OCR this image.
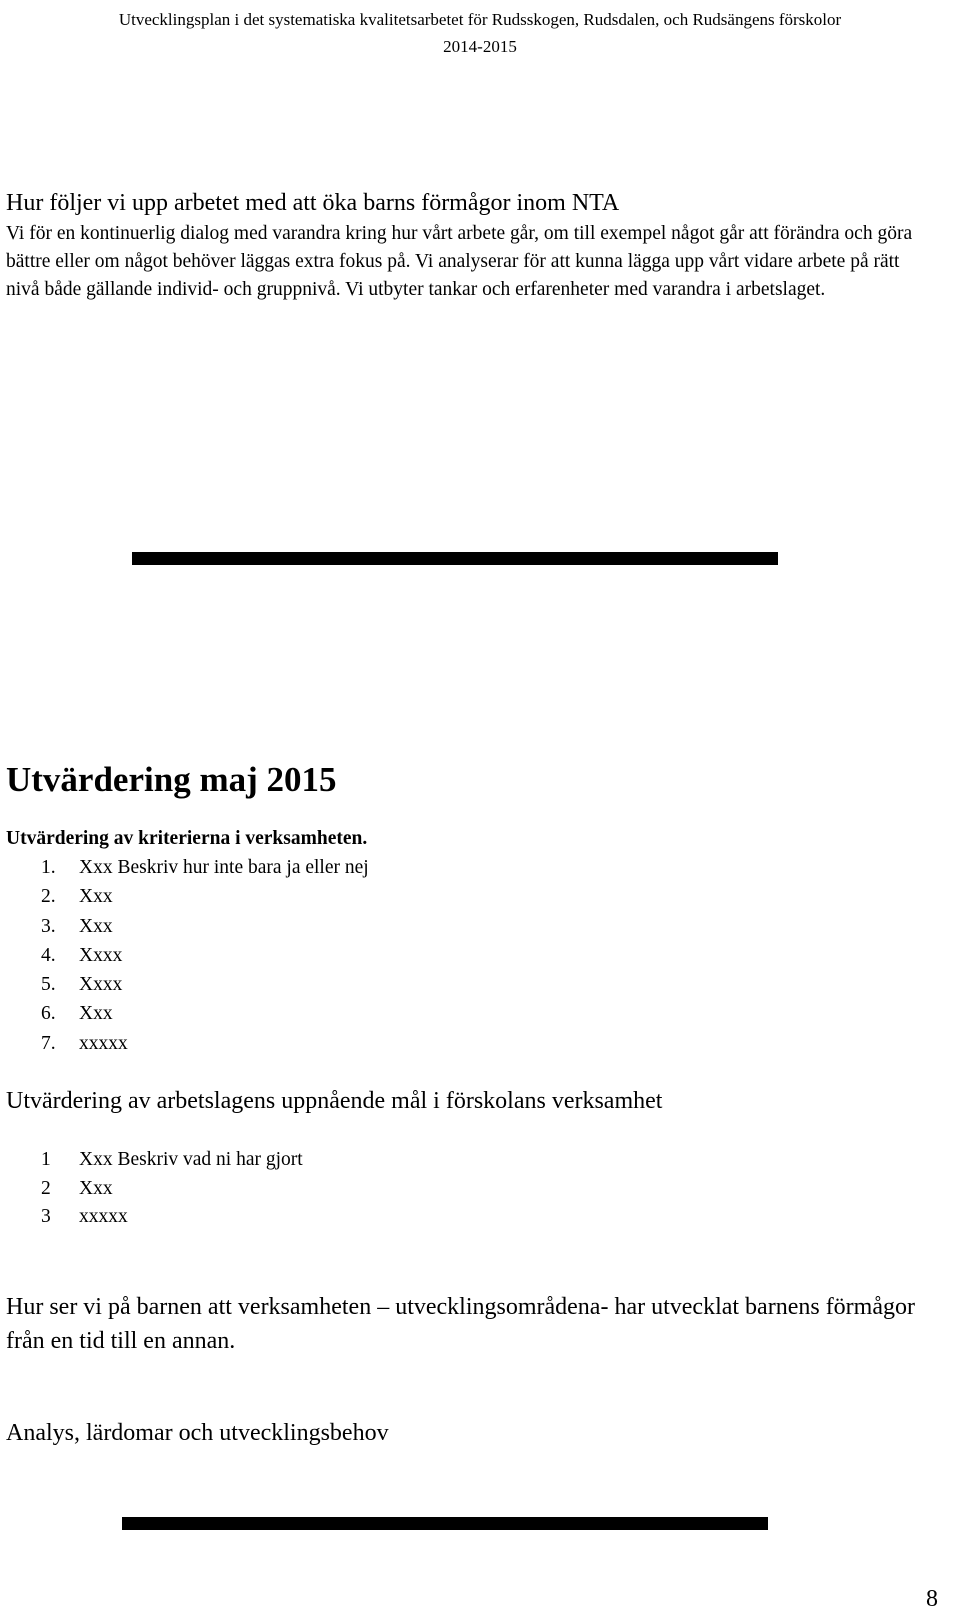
Utvecklingsplan i det systematiska kvalitetsarbetet för Rudsskogen, Rudsdalen, och Rudsängens förskolor
2014-2015
Hur följer vi upp arbetet med att öka barns förmågor inom NTA

Vi för en kontinuerlig dialog med varandra kring hur vårt arbete går, om till exempel något går att förändra och göra bättre eller om något behöver läggas extra fokus på. Vi analyserar för att kunna lägga upp vårt vidare arbete på rätt nivå både gällande individ- och gruppnivå. Vi utbyter tankar och erfarenheter med varandra i arbetslaget.

Utvärdering maj 2015
Utvärdering av kriterierna i verksamheten.
1.	Xxx Beskriv hur inte bara ja eller nej
2.	Xxx
3.	Xxx
4.	Xxxx
5.	Xxxx
6.	Xxx
7.	xxxxx
Utvärdering av arbetslagens uppnående mål i förskolans verksamhet
1	Xxx Beskriv vad ni har gjort
2	Xxx
3	xxxxx
Hur ser vi på barnen att verksamheten – utvecklingsområdena- har utvecklat barnens förmågor från en tid till en annan.
Analys, lärdomar och utvecklingsbehov
8
